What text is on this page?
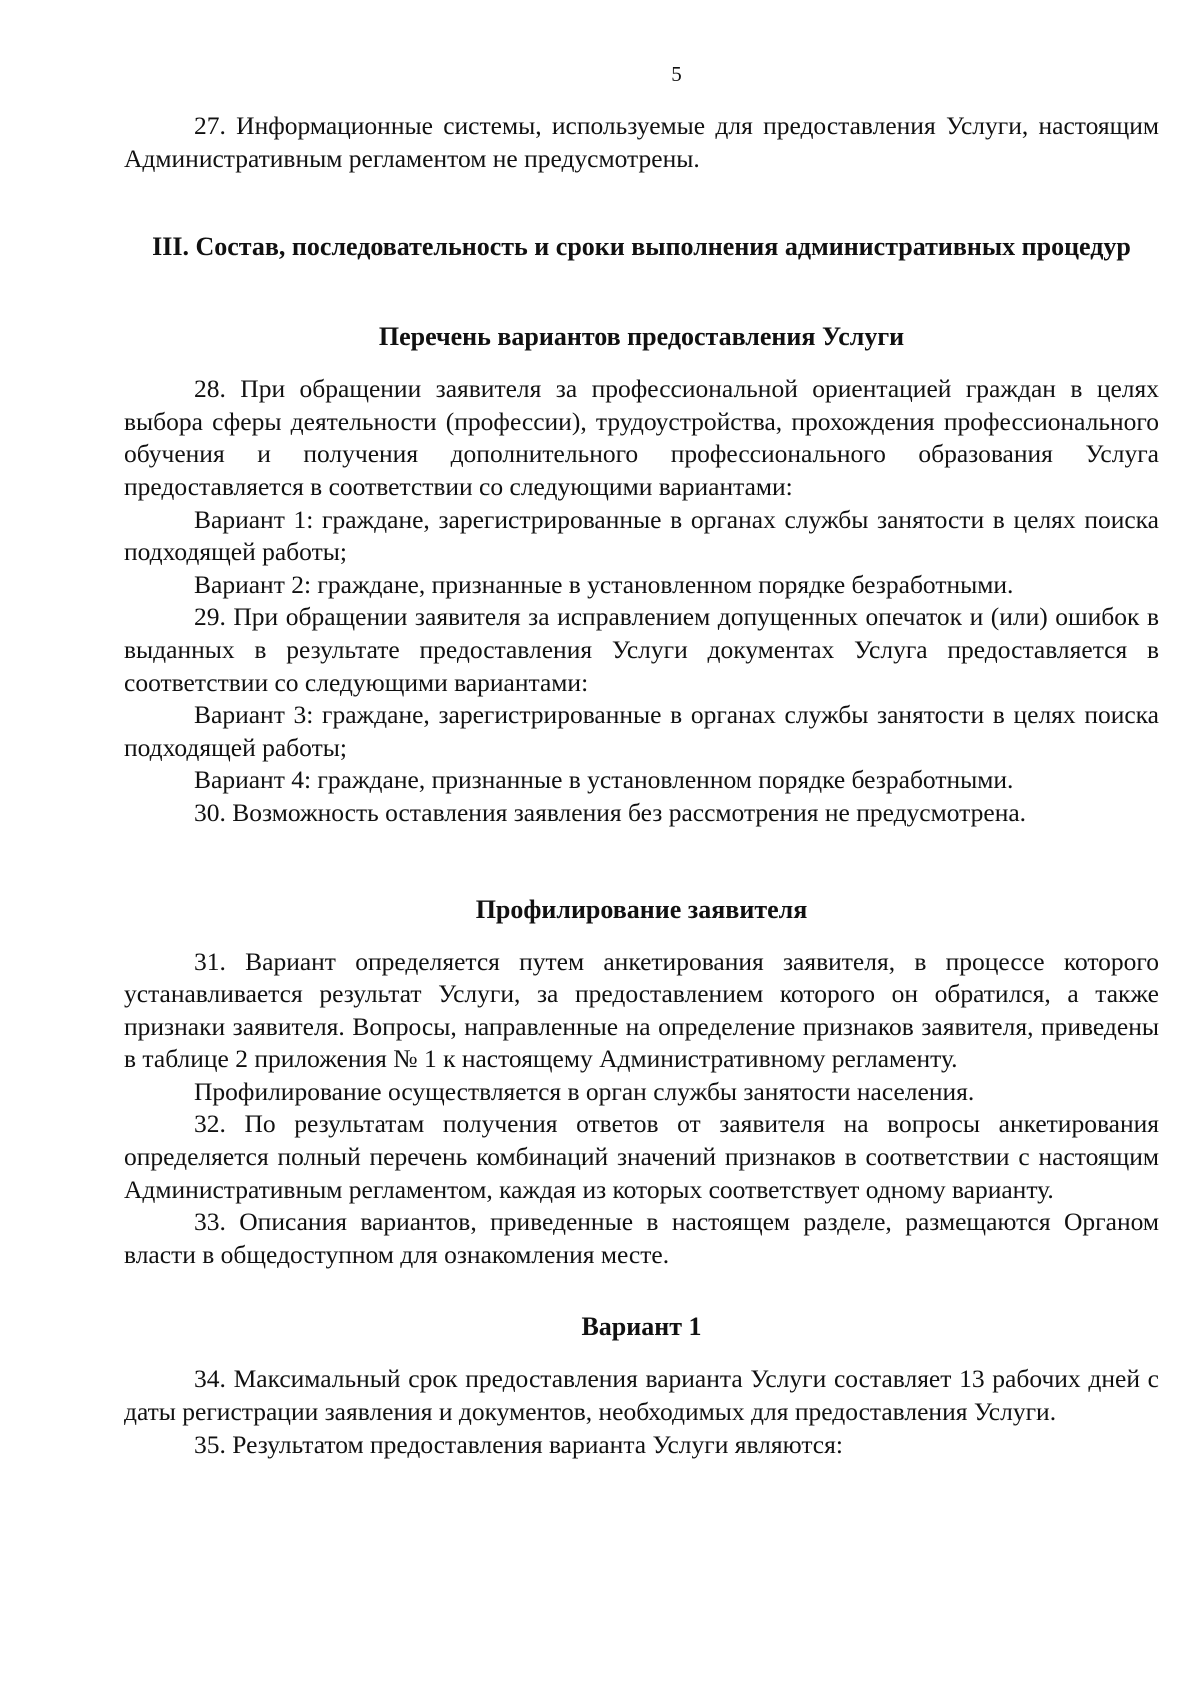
5

27. Информационные системы, используемые для предоставления Услуги, настоящим Административным регламентом не предусмотрены.

III. Состав, последовательность и сроки выполнения административных процедур
Перечень вариантов предоставления Услуги

28. При обращении заявителя за профессиональной ориентацией граждан в целях выбора сферы деятельности (профессии), трудоустройства, прохождения профессионального обучения и получения дополнительного профессионального образования Услуга предоставляется в соответствии со следующими вариантами:

Вариант 1: граждане, зарегистрированные в органах службы занятости в целях поиска подходящей работы;

Вариант 2: граждане, признанные в установленном порядке безработными.

29. При обращении заявителя за исправлением допущенных опечаток и (или) ошибок в выданных в результате предоставления Услуги документах Услуга предоставляется в соответствии со следующими вариантами:

Вариант 3: граждане, зарегистрированные в органах службы занятости в целях поиска подходящей работы;

Вариант 4: граждане, признанные в установленном порядке безработными.

30. Возможность оставления заявления без рассмотрения не предусмотрена.

Профилирование заявителя

31. Вариант определяется путем анкетирования заявителя, в процессе которого устанавливается результат Услуги, за предоставлением которого он обратился, а также признаки заявителя. Вопросы, направленные на определение признаков заявителя, приведены в таблице 2 приложения № 1 к настоящему Административному регламенту.

Профилирование осуществляется в орган службы занятости населения.

32. По результатам получения ответов от заявителя на вопросы анкетирования определяется полный перечень комбинаций значений признаков в соответствии с настоящим Административным регламентом, каждая из которых соответствует одному варианту.

33. Описания вариантов, приведенные в настоящем разделе, размещаются Органом власти в общедоступном для ознакомления месте.

Вариант 1

34. Максимальный срок предоставления варианта Услуги составляет 13 рабочих дней с даты регистрации заявления и документов, необходимых для предоставления Услуги.

35. Результатом предоставления варианта Услуги являются:
